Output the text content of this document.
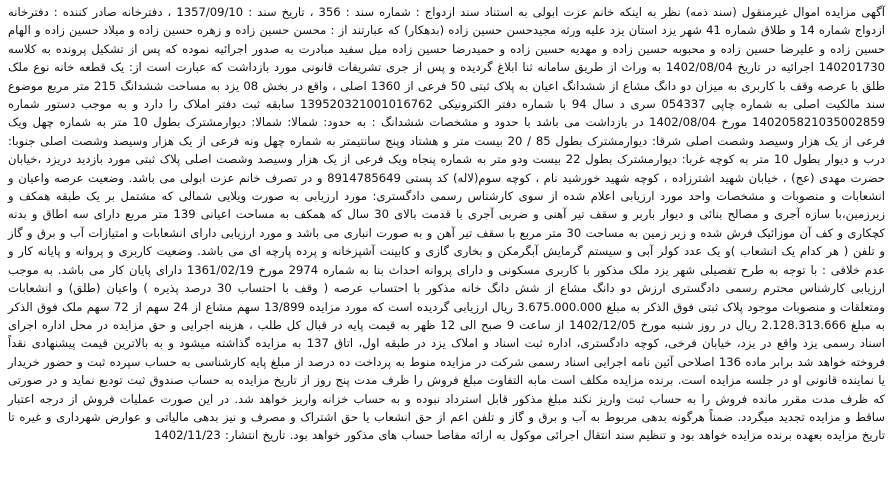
آگهی مزایده اموال غیرمنقول (سند ذمه) نظر به اینکه خانم عزت ابولی به استناد سند ازدواج : شماره سند : 356 ، تاریخ سند : 1357/09/10 ، دفترخانه صادر کننده : دفترخانه ازدواج شماره 14 و طلاق شماره 41 شهر یزد استان یزد علیه ورثه مجیدحسن حسین زاده (بدهکار) که عبارتند از : محسن حسین زاده و زهره حسین زاده و میلاد حسین زاده و الهام حسین زاده و علیرضا حسین زاده و محبوبه حسین زاده و مهدیه حسین زاده و حمیدرضا حسین زاده میل سفید مبادرت به صدور اجرائیه نموده که پس از تشکیل پرونده به کلاسه 140201730 اجرائیه در تاریخ 1402/08/04 به وراث از طریق سامانه ثنا ابلاغ گردیده و پس از جری تشریفات قانونی مورد بازداشت که عبارت است از: یک قطعه خانه نوع ملک طلق با عرصه وقف با کاربری به میزان دو دانگ مشاع از ششدانگ اعیان به پلاک ثبتی 50 فرعی از 1360 اصلی ، واقع در بخش 08 یزد به مساحت ششدانگ 215 متر مربع موضوع سند مالکیت اصلی به شماره چاپی 054337 سری د سال 94 با شماره دفتر الکترونیکی 139520321001016762 سابقه ثبت دفتر املاک را دارد و به موجب دستور شماره 14020582103500285​9 مورخ 1402/08/04 در بازداشت می باشد با حدود و مشخصات ششدانگ : به حدود: شمالا: شمالا: دیوارمشترک بطول 10 متر به شماره چهل ویک فرعی از یک هزار وسیصد وشصت اصلی شرقا: دیوارمشترک بطول 85 / 20 بیست متر و هشتاد وپنج سانتیمتر به شماره چهل ونه فرعی از یک هزار وسیصد وشصت اصلی جنوبا: درب و دیوار بطول 10 متر به کوچه غربا: دیوارمشترک بطول 22 بیست ودو متر به شماره پنجاه ویک فرعی از یک هزار وسیصد وشصت اصلی پلاک ثبتی مورد بازدید دریزد ،خیابان حضرت مهدی (عج) ، خیابان شهید اشترزاده ، کوچه شهید خورشید نام ، کوچه سوم(لاله) کد پستی 8914785649 و در تصرف خانم عزت ابولی می باشد. وضعیت عرصه واعیان و انشعابات و منصوبات و مشخصات واحد مورد ارزیابی اعلام شده از سوی کارشناس رسمی دادگستری: مورد ارزیابی به صورت ویلایی شمالی که مشتمل بر یک طبقه همکف و زیرزمین،با سازه آجری و مصالح بنائی و دیوار باربر و سقف تیر آهنی و ضربی آجری با قدمت بالای 30 سال که همکف به مساحت اعیانی 139 متر مربع دارای سه اطاق و بدنه کچکاری و کف آن موزائیک فرش شده و زیر زمین به مساحت 30 متر مربع با سقف تیر آهن و به صورت انباری می باشد و مورد ارزیابی دارای انشعابات و امتیازات آب و برق و گاز و تلفن ( هر کدام یک انشعاب )و یک عدد کولر آبی و سیستم گرمایش آبگرمکن و بخاری گازی و کابینت آشپزخانه و پرده پارچه ای می باشد. وضعیت کاربری و پروانه و پایانه کار و عدم خلافی : با توجه به طرح تفصیلی شهر یزد ملک مذکور با کاربری مسکونی و دارای پروانه احداث بنا به شماره 2974 مورخ 1361/02/19 دارای پایان کار می باشد. به موجب ارزیابی کارشناس محترم رسمی دادگستری ارزش دو دانگ مشاع از شش دانگ خانه مذکور با احتساب عرصه ( وقف با احتساب 30 درصد پذیره ) واعیان (طلق) و انشعابات ومتعلقات و منصوبات موجود پلاک ثبتی فوق الذکر به مبلغ 3.675.000.000 ریال ارزیابی گردیده است که مورد مزایده 13/899 سهم مشاع از 24 سهم از 72 سهم ملک فوق الذکر به مبلغ 2.128.313.666 ریال در روز شنبه مورخ 1402/12/05 از ساعت 9 صبح الی 12 ظهر به قیمت پایه در قبال کل طلب ، هزینه اجرایی و حق مزایده در محل اداره اجرای اسناد رسمی یزد واقع در یزد، خیابان فرخی، کوچه دادگستری، اداره ثبت اسناد و املاک یزد در طبقه اول، اتاق 137 به مزایده گذاشته میشود و به بالاترین قیمت پیشنهادی نقداً فروخته خواهد شد برابر ماده 136 اصلاحی آئین نامه اجرایی اسناد رسمی شرکت در مزایده منوط به پرداخت ده درصد از مبلغ پایه کارشناسی به حساب سپرده ثبت و حضور خریدار یا نماینده قانونی او در جلسه مزایده است. برنده مزایده مکلف است مابه التفاوت مبلغ فروش را ظرف مدت پنج روز از تاریخ مزایده به حساب صندوق ثبت تودیع نماید و در صورتی که ظرف مدت مقرر مانده فروش را به حساب ثبت واریز نکند مبلغ مذکور قابل استرداد نبوده و به حساب خزانه واریز خواهد شد. در این صورت عملیات فروش از درجه اعتبار ساقط و مزایده تجدید میگردد. ضمناً هرگونه بدهی مربوط به آب و برق و گاز و تلفن اعم از حق انشعاب یا حق اشتراک و مصرف و نیز بدهی مالیاتی و عوارض شهرداری و غیره تا تاریخ مزایده بعهده برنده مزایده خواهد بود و تنظیم سند انتقال اجرائی موکول به ارائه مفاصا حساب های مذکور خواهد بود. تاریخ انتشار: 1402/11/23
